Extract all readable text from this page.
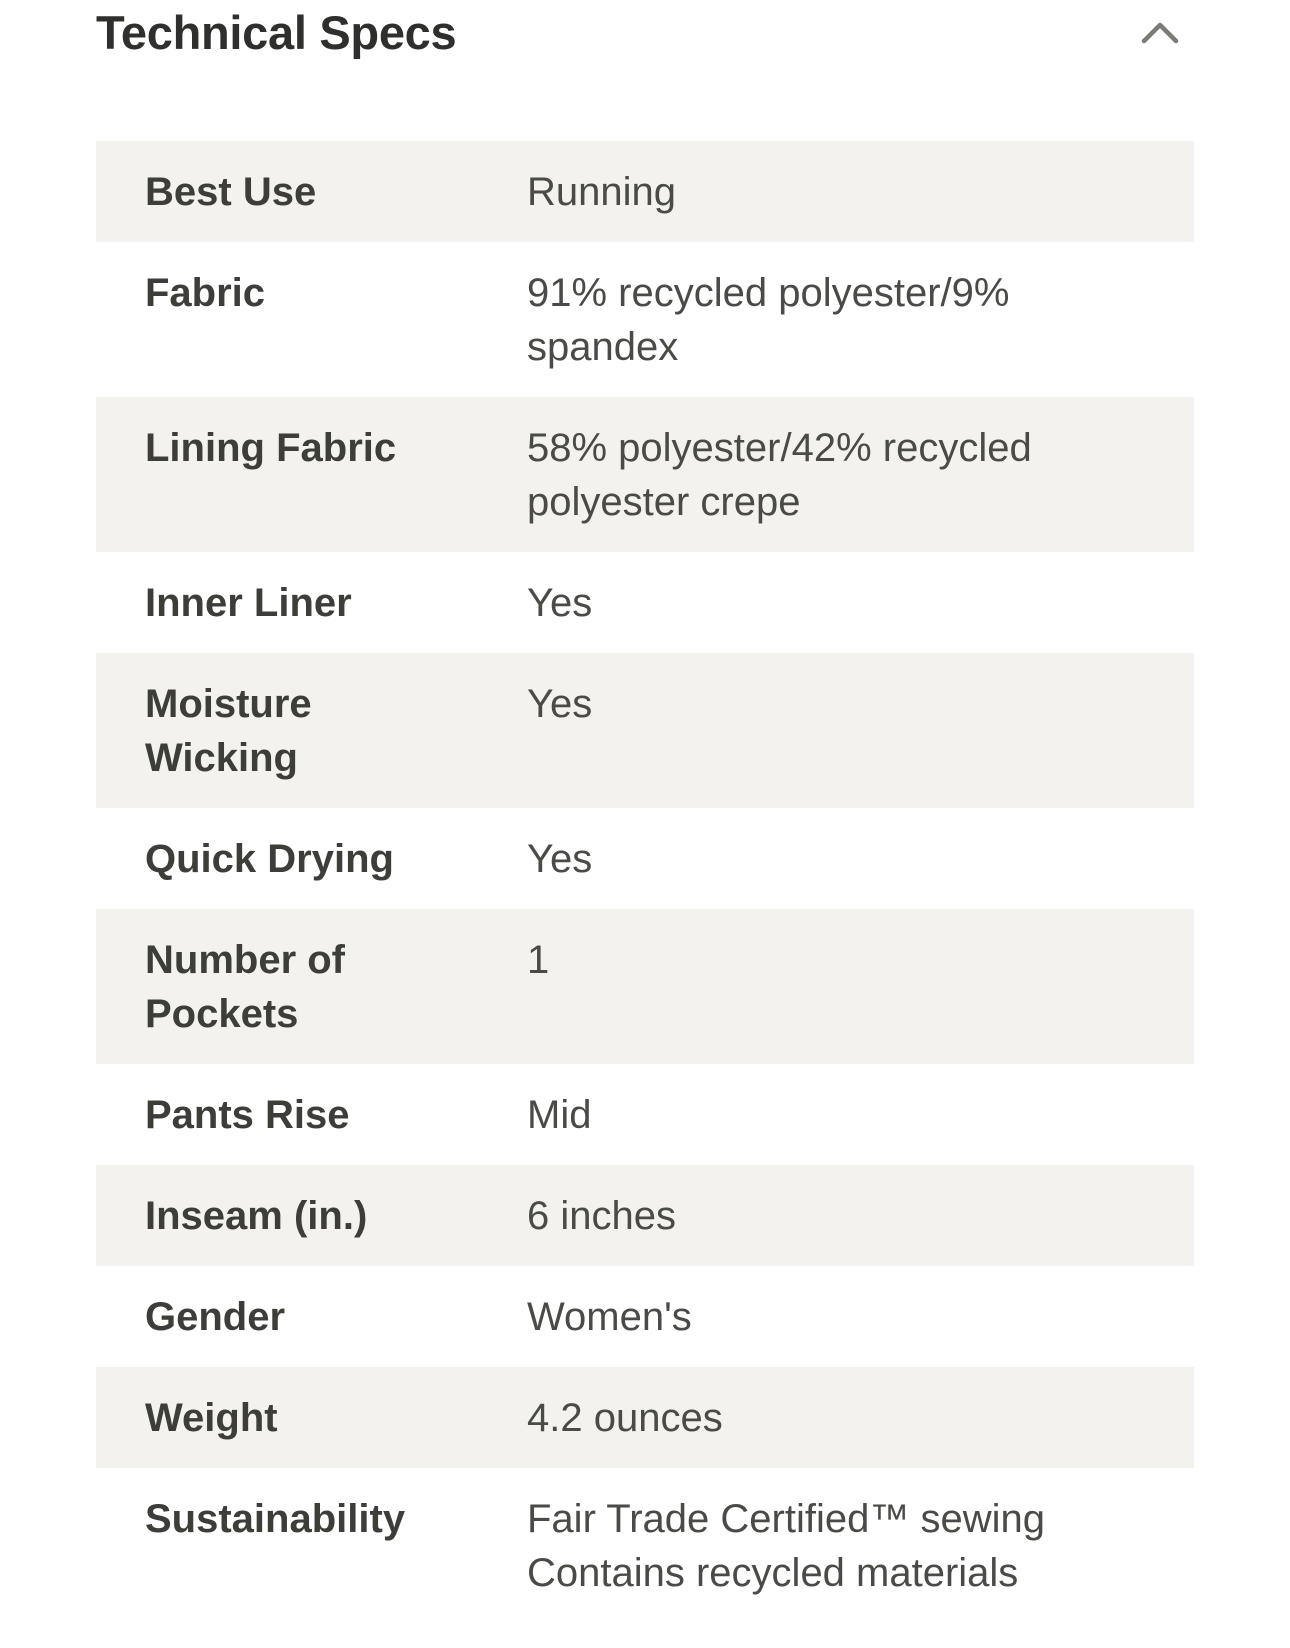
Technical Specs
Best Use	Running

Fabric	91% recycled polyester/9%
spandex

Lining Fabric	58% polyester/42% recycled
polyester crepe

Inner Liner	Yes

Moisture Wicking	Yes

Quick Drying	Yes

Number of Pockets	1

Pants Rise	Mid

Inseam (in.)	6 inches

Gender	Women's

Weight	4.2 ounces

Sustainability	Fair Trade Certified™ sewing
Contains recycled materials
